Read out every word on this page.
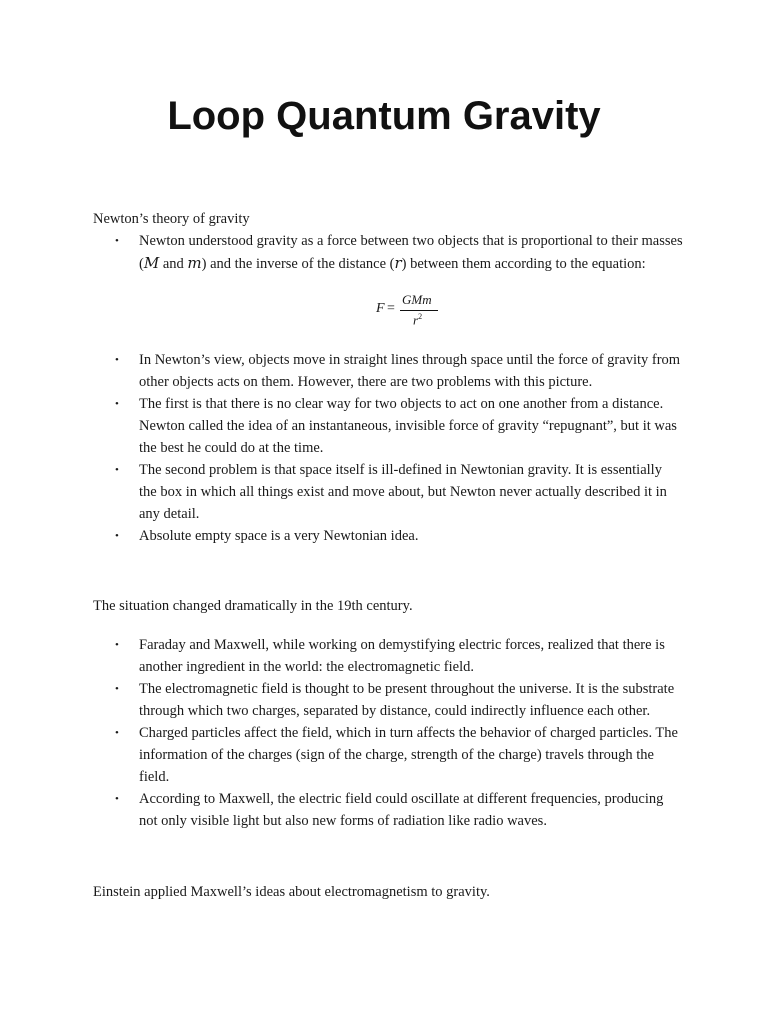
Loop Quantum Gravity
Newton’s theory of gravity
• Newton understood gravity as a force between two objects that is proportional to their masses (M and m) and the inverse of the distance (r) between them according to the equation:
F =
GMm
$r^2$
• In Newton’s view, objects move in straight lines through space until the force of gravity from other objects acts on them. However, there are two problems with this picture.
• The first is that there is no clear way for two objects to act on one another from a distance. Newton called the idea of an instantaneous, invisible force of gravity “repugnant”, but it was the best he could do at the time.
• The second problem is that space itself is ill-defined in Newtonian gravity. It is essentially the box in which all things exist and move about, but Newton never actually described it in any detail.
• Absolute empty space is a very Newtonian idea.
The situation changed dramatically in the 19th century.
• Faraday and Maxwell, while working on demystifying electric forces, realized that there is another ingredient in the world: the electromagnetic field.
• The electromagnetic field is thought to be present throughout the universe. It is the substrate through which two charges, separated by distance, could indirectly influence each other.
• Charged particles affect the field, which in turn affects the behavior of charged particles. The information of the charges (sign of the charge, strength of the charge) travels through the field.
• According to Maxwell, the electric field could oscillate at different frequencies, producing not only visible light but also new forms of radiation like radio waves.
Einstein applied Maxwell’s ideas about electromagnetism to gravity.
